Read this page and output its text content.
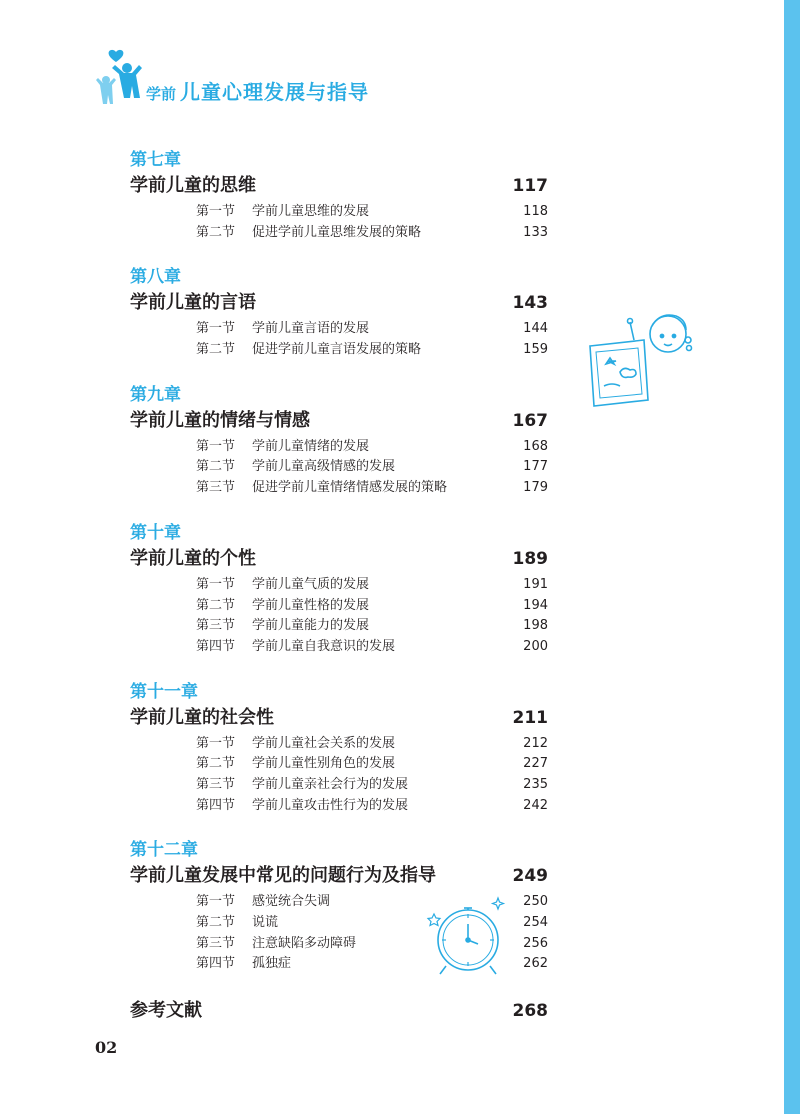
学前 儿童心理发展与指导
第七章
学前儿童的思维	117
第一节	学前儿童思维的发展	118
第二节	促进学前儿童思维发展的策略	133
第八章
学前儿童的言语	143
第一节	学前儿童言语的发展	144
第二节	促进学前儿童言语发展的策略	159
第九章
学前儿童的情绪与情感	167
第一节	学前儿童情绪的发展	168
第二节	学前儿童高级情感的发展	177
第三节	促进学前儿童情绪情感发展的策略	179
第十章
学前儿童的个性	189
第一节	学前儿童气质的发展	191
第二节	学前儿童性格的发展	194
第三节	学前儿童能力的发展	198
第四节	学前儿童自我意识的发展	200
第十一章
学前儿童的社会性	211
第一节	学前儿童社会关系的发展	212
第二节	学前儿童性别角色的发展	227
第三节	学前儿童亲社会行为的发展	235
第四节	学前儿童攻击性行为的发展	242
第十二章
学前儿童发展中常见的问题行为及指导	249
第一节	感觉统合失调	250
第二节	说谎	254
第三节	注意缺陷多动障碍	256
第四节	孤独症	262
参考文献	268
02
